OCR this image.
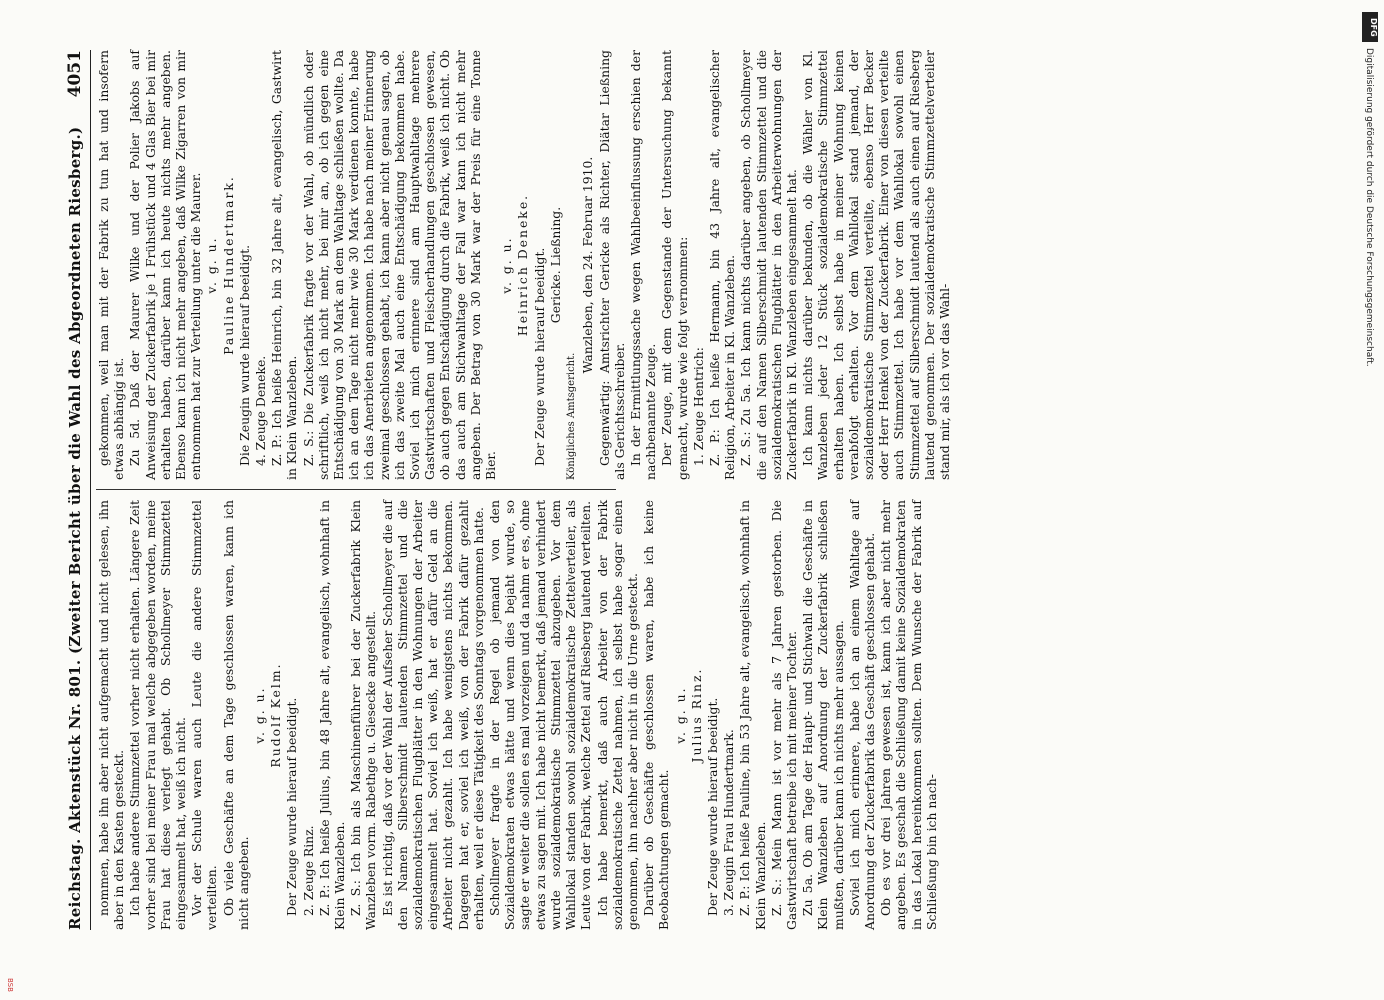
Reichstag. Aktenstück Nr. 801. (Zweiter Bericht über die Wahl des Abgeordneten Riesberg.)
4051

nommen, habe ihn aber nicht aufgemacht und nicht gelesen, ihn aber in den Kasten gesteckt. Ich habe andere Stimmzettel vorher nicht erhalten. Längere Zeit vorher sind bei meiner Frau mal welche abgegeben worden, meine Frau hat diese verlegt gehabt. Ob Schollmeyer Stimmzettel eingesammelt hat, weiß ich nicht. Vor der Schule waren auch Leute die andere Stimmzettel verteilten. Ob viele Geschäfte an dem Tage geschlossen waren, kann ich nicht angeben.

v. g. u. Rudolf Kelm. Der Zeuge wurde hierauf beeidigt. 2. Zeuge Rinz. Z. P.: Ich heiße Julius, bin 48 Jahre alt, evangelisch, wohnhaft in Klein Wanzleben. Z. S.: Ich bin als Maschinenführer bei der Zuckerfabrik Klein Wanzleben vorm. Rabethge u. Giesecke angestellt. Es ist richtig, daß vor der Wahl der Aufseher Schollmeyer die auf den Namen Silberschmidt lautenden Stimmzettel und die sozialdemokratischen Flugblätter in den Wohnungen der Arbeiter eingesammelt hat. Soviel ich weiß, hat er dafür Geld an die Arbeiter nicht gezahlt. Ich habe wenigstens nichts bekommen. Dagegen hat er, soviel ich weiß, von der Fabrik dafür gezahlt erhalten, weil er diese Tätigkeit des Sonntags vorgenommen hatte. Schollmeyer fragte in der Regel ob jemand von den Sozialdemokraten etwas hätte und wenn dies bejaht wurde, so sagte er weiter die sollen es mal vorzeigen und da nahm er es, ohne etwas zu sagen mit. Ich habe nicht bemerkt, daß jemand verhindert wurde sozialdemokratische Stimmzettel abzugeben. Vor dem Wahllokal standen sowohl sozialdemokratische Zettelverteiler, als Leute von der Fabrik, welche Zettel auf Riesberg lautend verteilten. Ich habe bemerkt, daß auch Arbeiter von der Fabrik sozialdemokratische Zettel nahmen, ich selbst habe sogar einen genommen, ihn nachher aber nicht in die Urne gesteckt. Darüber ob Geschäfte geschlossen waren, habe ich keine Beobachtungen gemacht.

v. g. u. Julius Rinz. Der Zeuge wurde hierauf beeidigt. 3. Zeugin Frau Hundertmark. Z. P.: Ich heiße Pauline, bin 53 Jahre alt, evangelisch, wohnhaft in Klein Wanzleben. Z. S.: Mein Mann ist vor mehr als 7 Jahren gestorben. Die Gastwirtschaft betreibe ich mit meiner Tochter. Zu 5a. Ob am Tage der Haupt- und Stichwahl die Geschäfte in Klein Wanzleben auf Anordnung der Zuckerfabrik schließen mußten, darüber kann ich nichts mehr aussagen. Soviel ich mich erinnere, habe ich an einem Wahltage auf Anordnung der Zuckerfabrik das Geschäft geschlossen gehabt. Ob es vor drei Jahren gewesen ist, kann ich aber nicht mehr angeben. Es geschah die Schließung damit keine Sozialdemokraten in das Lokal hereinkommen sollten. Dem Wunsche der Fabrik auf Schließung bin ich nach-

gekommen, weil man mit der Fabrik zu tun hat und insofern etwas abhängig ist. Zu 5d. Daß der Maurer Wilke und der Polier Jakobs auf Anweisung der Zuckerfabrik je 1 Frühstück und 4 Glas Bier bei mir erhalten haben, darüber kann ich heute nichts mehr angeben. Ebenso kann ich nicht mehr angeben, daß Wilke Zigarren von mir entnommen hat zur Verteilung unter die Maurer. v. g. u. Pauline Hundertmark. Die Zeugin wurde hierauf beeidigt. 4. Zeuge Deneke. Z. P.: Ich heiße Heinrich, bin 32 Jahre alt, evangelisch, Gastwirt in Klein Wanzleben. Z. S.: Die Zuckerfabrik fragte vor der Wahl, ob mündlich oder schriftlich, weiß ich nicht mehr, bei mir an, ob ich gegen eine Entschädigung von 30 Mark an dem Wahltage schließen wollte. Da ich an dem Tage nicht mehr wie 30 Mark verdienen konnte, habe ich das Anerbieten angenommen. Ich habe nach meiner Erinnerung zweimal geschlossen gehabt, ich kann aber nicht genau sagen, ob ich das zweite Mal auch eine Entschädigung bekommen habe. Soviel ich mich erinnere sind am Hauptwahltage mehrere Gastwirtschaften und Fleischerhandlungen geschlossen gewesen, ob auch gegen Entschädigung durch die Fabrik, weiß ich nicht. Ob das auch am Stichwahltage der Fall war kann ich nicht mehr angeben. Der Betrag von 30 Mark war der Preis für eine Tonne Bier.

v. g. u. Heinrich Deneke. Der Zeuge wurde hierauf beeidigt. Gericke. Ließning.

Königliches Amtsgericht.

Wanzleben, den 24. Februar 1910. Gegenwärtig: Amtsrichter Gericke als Richter, Diätar Ließning als Gerichtsschreiber. In der Ermittlungssache wegen Wahlbeeinflussung erschien der nachbenannte Zeuge. Der Zeuge, mit dem Gegenstande der Untersuchung bekannt gemacht, wurde wie folgt vernommen: 1. Zeuge Hentrich: Z. P.: Ich heiße Hermann, bin 43 Jahre alt, evangelischer Religion, Arbeiter in Kl. Wanzleben. Z. S.: Zu 5a. Ich kann nichts darüber angeben, ob Schollmeyer die auf den Namen Silberschmidt lautenden Stimmzettel und die sozialdemokratischen Flugblätter in den Arbeiterwohnungen der Zuckerfabrik in Kl. Wanzleben eingesammelt hat. Ich kann nichts darüber bekunden, ob die Wähler von Kl. Wanzleben jeder 12 Stück sozialdemokratische Stimmzettel erhalten haben. Ich selbst habe in meiner Wohnung keinen verabfolgt erhalten. Vor dem Wahllokal stand jemand, der sozialdemokratische Stimmzettel verteilte, ebenso Herr Becker oder Herr Henkel von der Zuckerfabrik. Einer von diesen verteilte auch Stimmzettel. Ich habe vor dem Wahllokal sowohl einen Stimmzettel auf Silberschmidt lautend als auch einen auf Riesberg lautend genommen. Der sozialdemokratische Stimmzettelverteiler stand mir, als ich vor das Wahl-

DFG
Digitalisierung gefördert durch die Deutsche Forschungsgemeinschaft.
BSB
